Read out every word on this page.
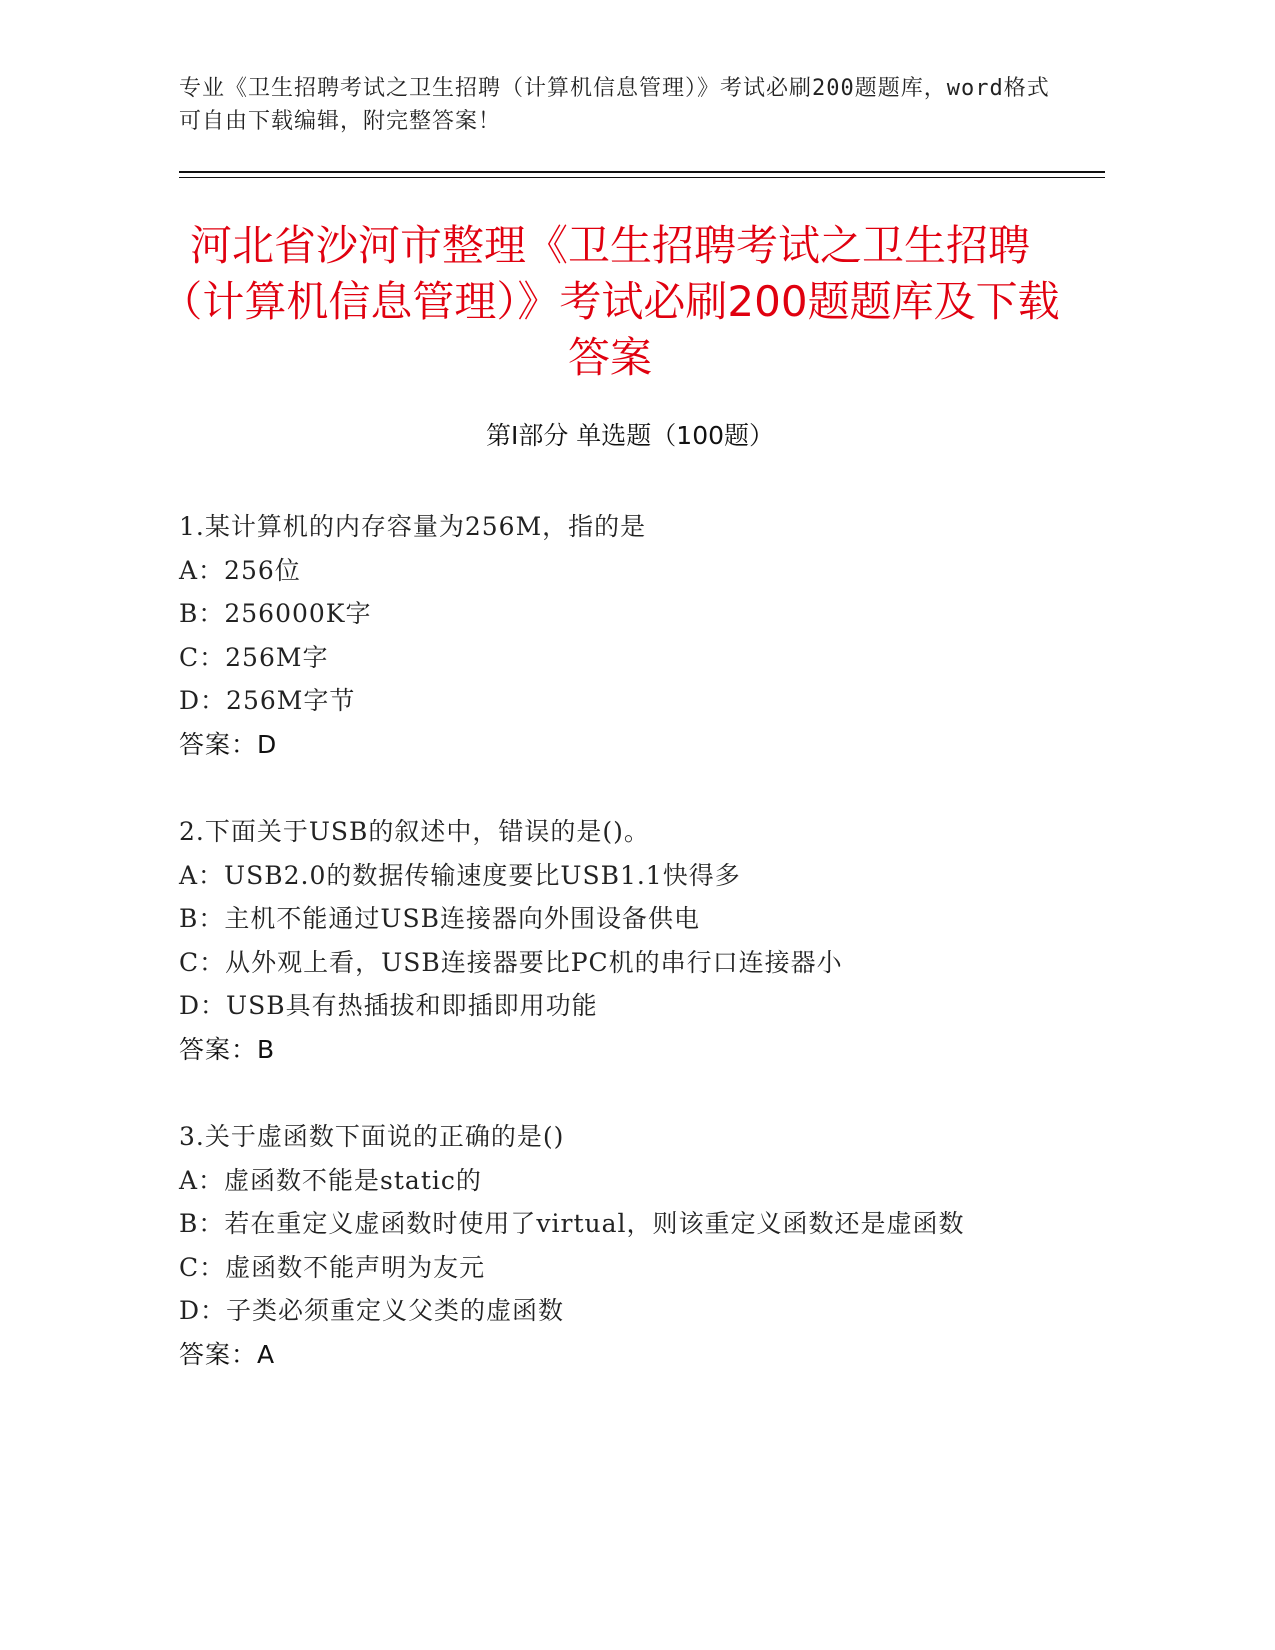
专业《卫生招聘考试之卫生招聘（计算机信息管理）》考试必刷200题题库，word格式可自由下载编辑，附完整答案！
河北省沙河市整理《卫生招聘考试之卫生招聘（计算机信息管理）》考试必刷200题题库及下载答案
第Ⅰ部分 单选题（100题）
1.某计算机的内存容量为256M，指的是
A：256位
B：256000K字
C：256M字
D：256M字节
答案：D
2.下面关于USB的叙述中，错误的是()。
A：USB2.0的数据传输速度要比USB1.1快得多
B：主机不能通过USB连接器向外围设备供电
C：从外观上看，USB连接器要比PC机的串行口连接器小
D：USB具有热插拔和即插即用功能
答案：B
3.关于虚函数下面说的正确的是()
A：虚函数不能是static的
B：若在重定义虚函数时使用了virtual，则该重定义函数还是虚函数
C：虚函数不能声明为友元
D：子类必须重定义父类的虚函数
答案：A
